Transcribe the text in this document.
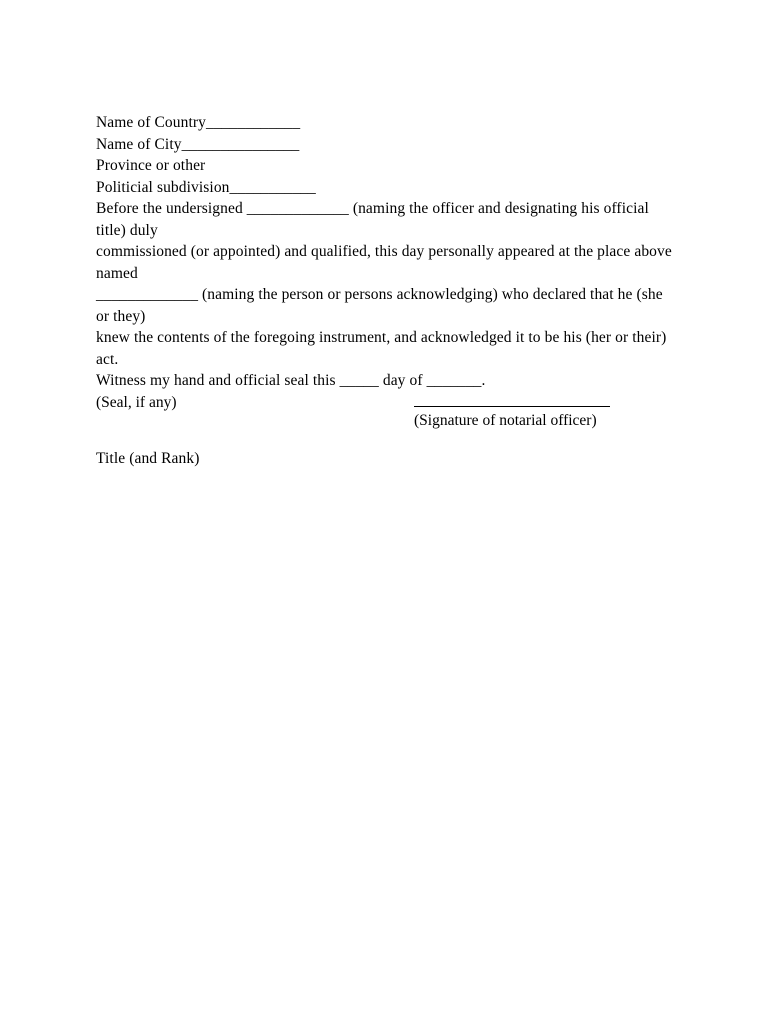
Name of Country____________
Name of City_______________
Province or other
Politicial subdivision___________
Before the undersigned _____________ (naming the officer and designating his official title) duly
commissioned (or appointed) and qualified, this day personally appeared at the place above named
_____________ (naming the person or persons acknowledging) who declared that he (she or they)
knew the contents of the foregoing instrument, and acknowledged it to be his (her or their) act.
Witness my hand and official seal this _____ day of _______.
(Seal, if any)
(Signature of notarial officer)
Title (and Rank)
